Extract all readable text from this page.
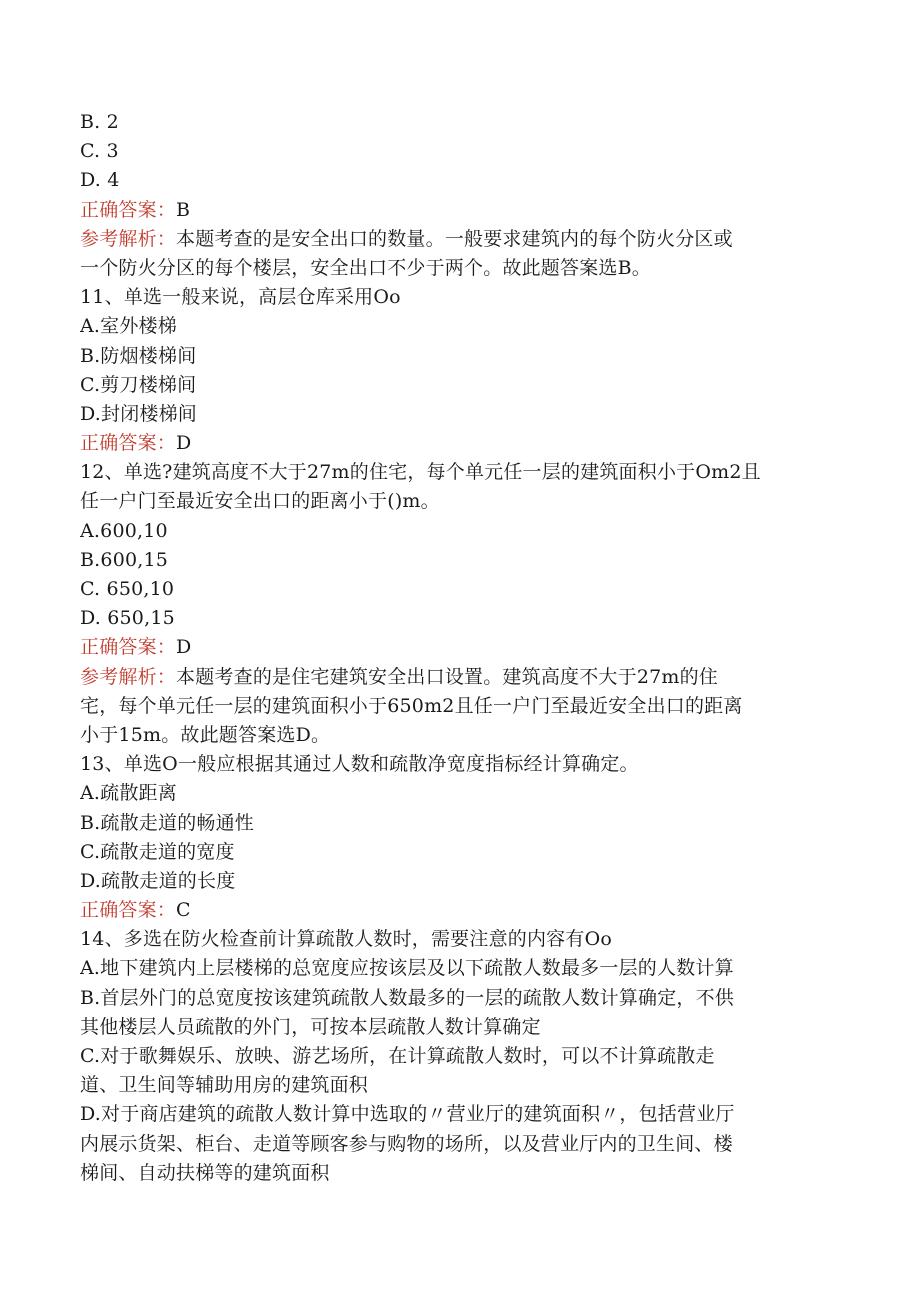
B. 2
C. 3
D. 4
正确答案：B
参考解析：本题考查的是安全出口的数量。一般要求建筑内的每个防火分区或
一个防火分区的每个楼层，安全出口不少于两个。故此题答案选B。
11、单选一般来说，高层仓库采用Oo
A.室外楼梯
B.防烟楼梯间
C.剪刀楼梯间
D.封闭楼梯间
正确答案：D
12、单选?建筑高度不大于27m的住宅，每个单元任一层的建筑面积小于Om2且
任一户门至最近安全出口的距离小于()m。
A.600,10
B.600,15
C. 650,10
D. 650,15
正确答案：D
参考解析：本题考查的是住宅建筑安全出口设置。建筑高度不大于27m的住
宅，每个单元任一层的建筑面积小于650m2且任一户门至最近安全出口的距离
小于15m。故此题答案选D。
13、单选O一般应根据其通过人数和疏散净宽度指标经计算确定。
A.疏散距离
B.疏散走道的畅通性
C.疏散走道的宽度
D.疏散走道的长度
正确答案：C
14、多选在防火检查前计算疏散人数时，需要注意的内容有Oo
A.地下建筑内上层楼梯的总宽度应按该层及以下疏散人数最多一层的人数计算
B.首层外门的总宽度按该建筑疏散人数最多的一层的疏散人数计算确定，不供
其他楼层人员疏散的外门，可按本层疏散人数计算确定
C.对于歌舞娱乐、放映、游艺场所，在计算疏散人数时，可以不计算疏散走
道、卫生间等辅助用房的建筑面积
D.对于商店建筑的疏散人数计算中选取的〃营业厅的建筑面积〃，包括营业厅
内展示货架、柜台、走道等顾客参与购物的场所，以及营业厅内的卫生间、楼
梯间、自动扶梯等的建筑面积
